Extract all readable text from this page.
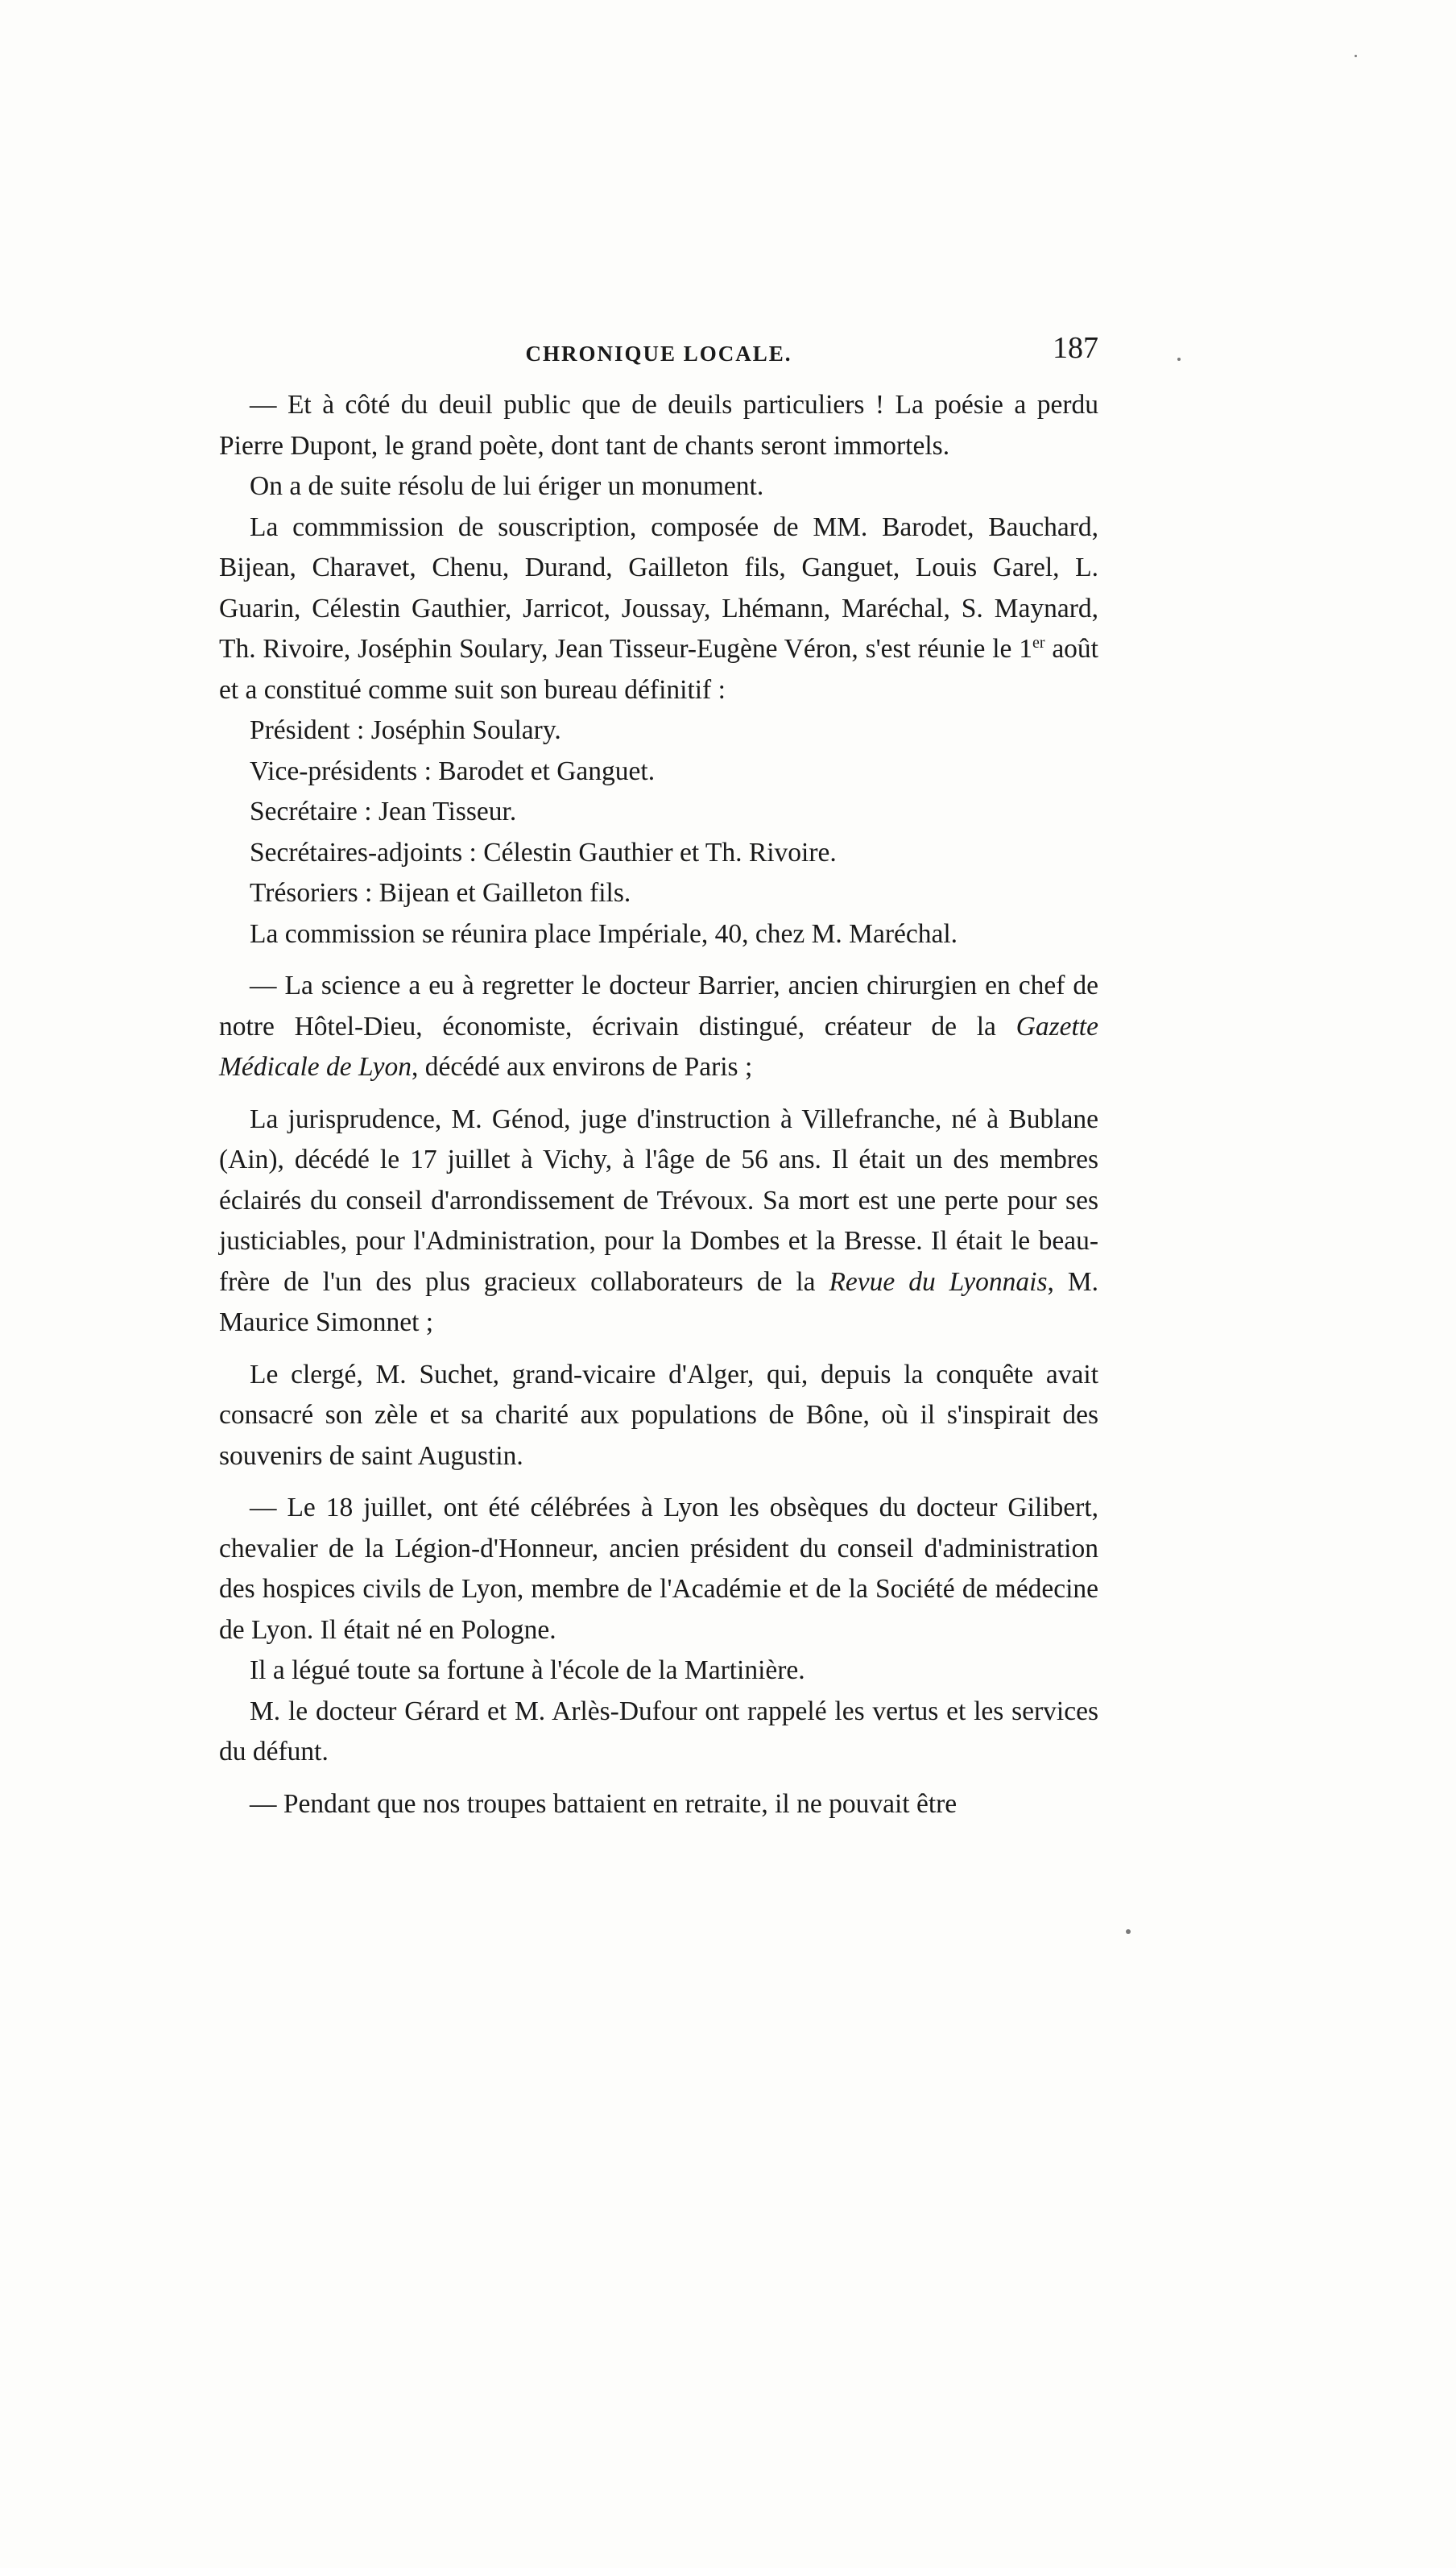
CHRONIQUE LOCALE.	187

— Et à côté du deuil public que de deuils particuliers ! La poésie a perdu Pierre Dupont, le grand poète, dont tant de chants seront immortels.

On a de suite résolu de lui ériger un monument.

La commmission de souscription, composée de MM. Barodet, Bauchard, Bijean, Charavet, Chenu, Durand, Gailleton fils, Ganguet, Louis Garel, L. Guarin, Célestin Gauthier, Jarricot, Joussay, Lhémann, Maréchal, S. Maynard, Th. Rivoire, Joséphin Soulary, Jean Tisseur-Eugène Véron, s'est réunie le 1er août et a constitué comme suit son bureau définitif :

Président : Joséphin Soulary.

Vice-présidents : Barodet et Ganguet.

Secrétaire : Jean Tisseur.

Secrétaires-adjoints : Célestin Gauthier et Th. Rivoire.

Trésoriers : Bijean et Gailleton fils.

La commission se réunira place Impériale, 40, chez M. Maréchal.

— La science a eu à regretter le docteur Barrier, ancien chirurgien en chef de notre Hôtel-Dieu, économiste, écrivain distingué, créateur de la Gazette Médicale de Lyon, décédé aux environs de Paris ;

La jurisprudence, M. Génod, juge d'instruction à Villefranche, né à Bublane (Ain), décédé le 17 juillet à Vichy, à l'âge de 56 ans. Il était un des membres éclairés du conseil d'arrondissement de Trévoux. Sa mort est une perte pour ses justiciables, pour l'Administration, pour la Dombes et la Bresse. Il était le beau-frère de l'un des plus gracieux collaborateurs de la Revue du Lyonnais, M. Maurice Simonnet ;

Le clergé, M. Suchet, grand-vicaire d'Alger, qui, depuis la conquête avait consacré son zèle et sa charité aux populations de Bône, où il s'inspirait des souvenirs de saint Augustin.

— Le 18 juillet, ont été célébrées à Lyon les obsèques du docteur Gilibert, chevalier de la Légion-d'Honneur, ancien président du conseil d'administration des hospices civils de Lyon, membre de l'Académie et de la Société de médecine de Lyon. Il était né en Pologne.

Il a légué toute sa fortune à l'école de la Martinière.

M. le docteur Gérard et M. Arlès-Dufour ont rappelé les vertus et les services du défunt.

— Pendant que nos troupes battaient en retraite, il ne pouvait être
